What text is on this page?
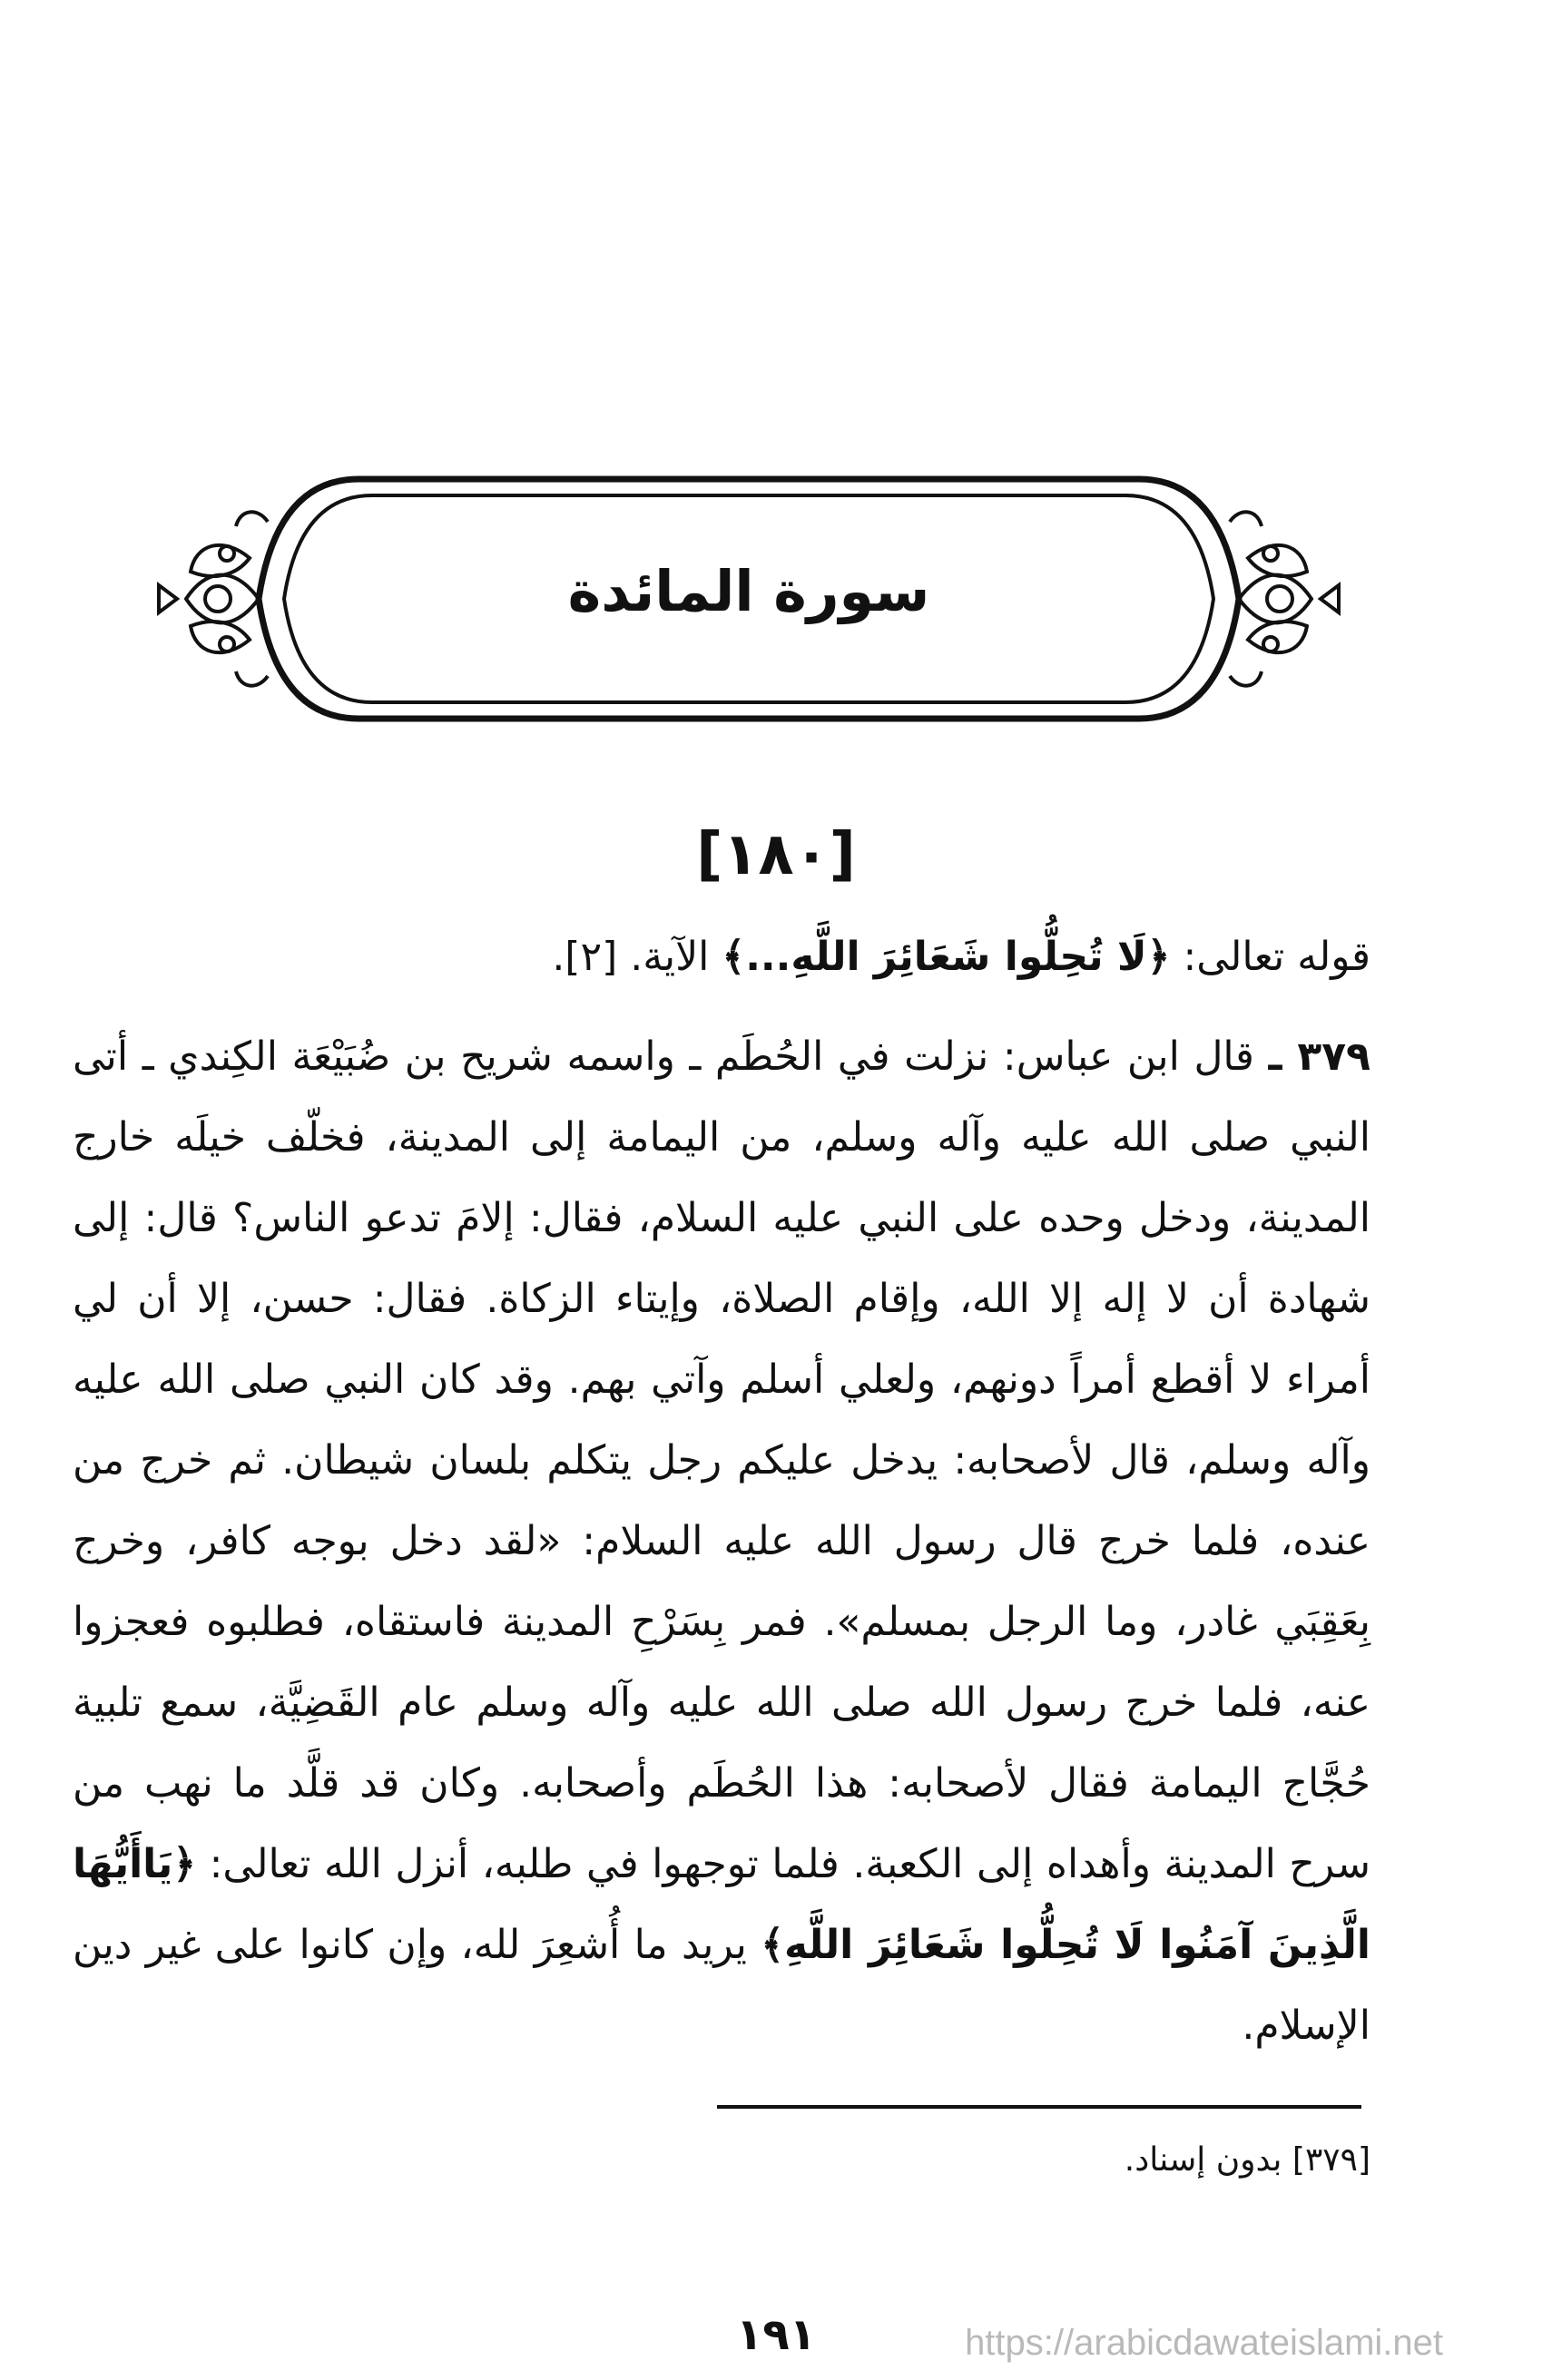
سورة المائدة
[١٨٠]
قوله تعالى: ﴿لَا تُحِلُّوا شَعَائِرَ اللَّهِ...﴾ الآية. [٢].
٣٧٩ ـ قال ابن عباس: نزلت في الحُطَم ـ واسمه شريح بن ضُبَيْعَة الكِندي ـ أتى النبي صلى الله عليه وآله وسلم، من اليمامة إلى المدينة، فخلّف خيلَه خارج المدينة، ودخل وحده على النبي عليه السلام، فقال: إلامَ تدعو الناس؟ قال: إلى شهادة أن لا إله إلا الله، وإقام الصلاة، وإيتاء الزكاة. فقال: حسن، إلا أن لي أمراء لا أقطع أمراً دونهم، ولعلي أسلم وآتي بهم. وقد كان النبي صلى الله عليه وآله وسلم، قال لأصحابه: يدخل عليكم رجل يتكلم بلسان شيطان. ثم خرج من عنده، فلما خرج قال رسول الله عليه السلام: «لقد دخل بوجه كافر، وخرج بِعَقِبَي غادر، وما الرجل بمسلم». فمر بِسَرْحِ المدينة فاستقاه، فطلبوه فعجزوا عنه، فلما خرج رسول الله صلى الله عليه وآله وسلم عام القَضِيَّة، سمع تلبية حُجَّاج اليمامة فقال لأصحابه: هذا الحُطَم وأصحابه. وكان قد قلَّد ما نهب من سرح المدينة وأهداه إلى الكعبة. فلما توجهوا في طلبه، أنزل الله تعالى: ﴿يَاأَيُّهَا الَّذِينَ آمَنُوا لَا تُحِلُّوا شَعَائِرَ اللَّهِ﴾ يريد ما أُشعِرَ لله، وإن كانوا على غير دين الإسلام.
[٣٧٩] بدون إسناد.
١٩١	https://arabicdawateislami.net
